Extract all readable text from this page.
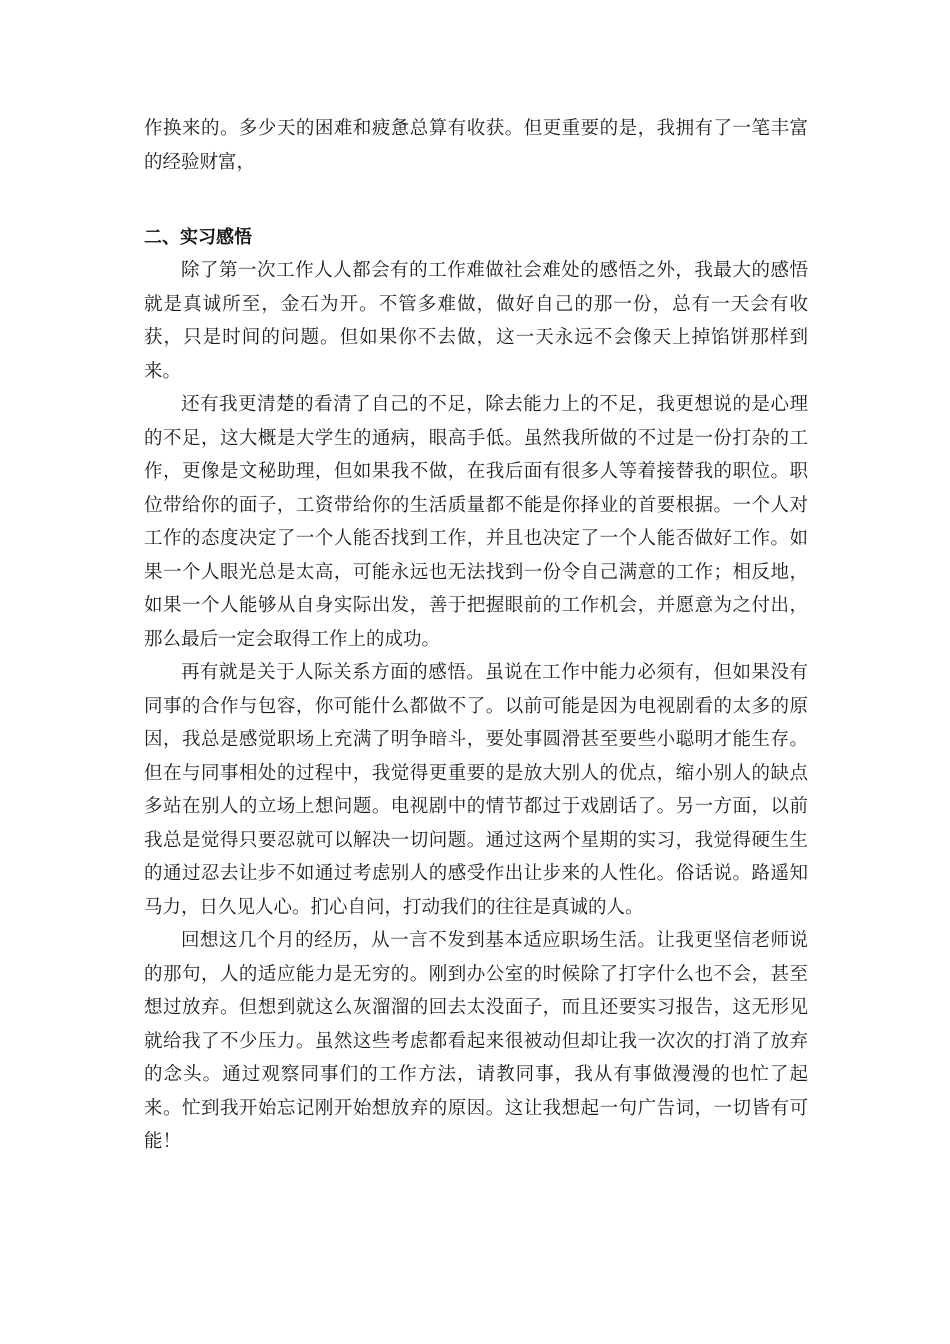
作换来的。多少天的困难和疲惫总算有收获。但更重要的是，我拥有了一笔丰富的经验财富，

二、实习感悟

除了第一次工作人人都会有的工作难做社会难处的感悟之外，我最大的感悟就是真诚所至，金石为开。不管多难做，做好自己的那一份，总有一天会有收获，只是时间的问题。但如果你不去做，这一天永远不会像天上掉馅饼那样到来。

还有我更清楚的看清了自己的不足，除去能力上的不足，我更想说的是心理的不足，这大概是大学生的通病，眼高手低。虽然我所做的不过是一份打杂的工作，更像是文秘助理，但如果我不做，在我后面有很多人等着接替我的职位。职位带给你的面子，工资带给你的生活质量都不能是你择业的首要根据。一个人对工作的态度决定了一个人能否找到工作，并且也决定了一个人能否做好工作。如果一个人眼光总是太高，可能永远也无法找到一份令自己满意的工作；相反地，如果一个人能够从自身实际出发，善于把握眼前的工作机会，并愿意为之付出，那么最后一定会取得工作上的成功。

再有就是关于人际关系方面的感悟。虽说在工作中能力必须有，但如果没有同事的合作与包容，你可能什么都做不了。以前可能是因为电视剧看的太多的原因，我总是感觉职场上充满了明争暗斗，要处事圆滑甚至要些小聪明才能生存。但在与同事相处的过程中，我觉得更重要的是放大别人的优点，缩小别人的缺点多站在别人的立场上想问题。电视剧中的情节都过于戏剧话了。另一方面，以前我总是觉得只要忍就可以解决一切问题。通过这两个星期的实习，我觉得硬生生的通过忍去让步不如通过考虑别人的感受作出让步来的人性化。俗话说。路遥知马力，日久见人心。扪心自问，打动我们的往往是真诚的人。

回想这几个月的经历，从一言不发到基本适应职场生活。让我更坚信老师说的那句，人的适应能力是无穷的。刚到办公室的时候除了打字什么也不会，甚至想过放弃。但想到就这么灰溜溜的回去太没面子，而且还要实习报告，这无形见就给我了不少压力。虽然这些考虑都看起来很被动但却让我一次次的打消了放弃的念头。通过观察同事们的工作方法，请教同事，我从有事做漫漫的也忙了起来。忙到我开始忘记刚开始想放弃的原因。这让我想起一句广告词，一切皆有可能！
